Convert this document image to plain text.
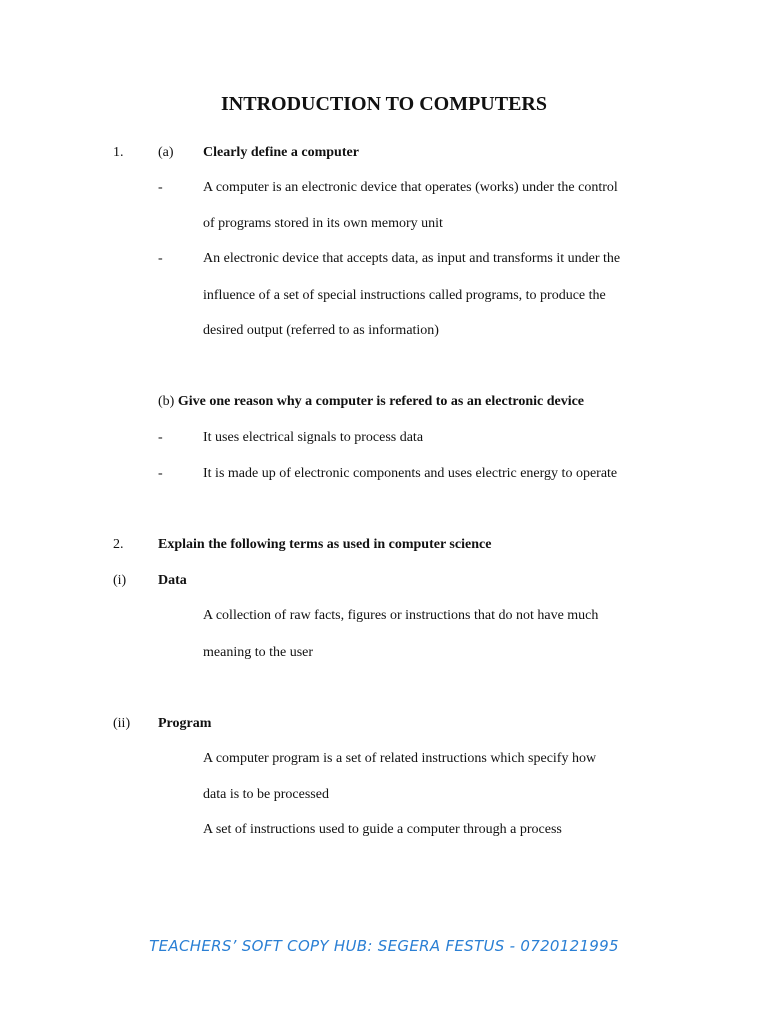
INTRODUCTION TO COMPUTERS
1. (a) Clearly define a computer
-	A computer is an electronic device that operates (works) under the control
of programs stored in its own memory unit
-	An electronic device that accepts data, as input and transforms it under the
influence of a set of special instructions called programs, to produce the
desired output (referred to as information)
(b) Give one reason why a computer is refered to as an electronic device
-	It uses electrical signals to process data
-	It is made up of electronic components and uses electric energy to operate
2. Explain the following terms as used in computer science
(i) Data
A collection of raw facts, figures or instructions that do not have much
meaning to the user
(ii) Program
A computer program is a set of related instructions which specify how
data is to be processed
A set of instructions used to guide a computer through a process
TEACHERS’ SOFT COPY HUB: SEGERA FESTUS - 0720121995
